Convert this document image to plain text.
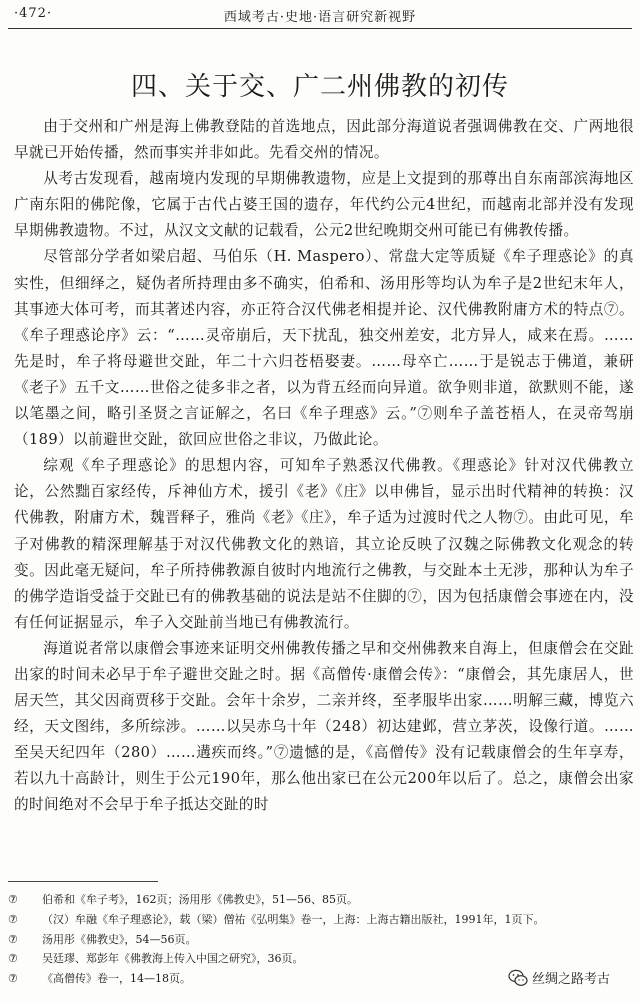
·472·	西域考古·史地·语言研究新视野
四、关于交、广二州佛教的初传

由于交州和广州是海上佛教登陆的首选地点，因此部分海道说者强调佛教在交、广两地很早就已开始传播，然而事实并非如此。先看交州的情况。

从考古发现看，越南境内发现的早期佛教遗物，应是上文提到的那尊出自东南部滨海地区广南东阳的佛陀像，它属于古代占婆王国的遗存，年代约公元4世纪，而越南北部并没有发现早期佛教遗物。不过，从汉文文献的记载看，公元2世纪晚期交州可能已有佛教传播。

尽管部分学者如梁启超、马伯乐（H. Maspero）、常盘大定等质疑《牟子理惑论》的真实性，但细绎之，疑伪者所持理由多不确实，伯希和、汤用彤等均认为牟子是2世纪末年人，其事迹大体可考，而其著述内容，亦正符合汉代佛老相提并论、汉代佛教附庸方术的特点⑦。《牟子理惑论序》云：“……灵帝崩后，天下扰乱，独交州差安，北方异人，咸来在焉。……先是时，牟子将母避世交趾，年二十六归苍梧娶妻。……母卒亡……于是锐志于佛道，兼研《老子》五千文……世俗之徒多非之者，以为背五经而向异道。欲争则非道，欲默则不能，遂以笔墨之间，略引圣贤之言证解之，名曰《牟子理惑》云。”⑦则牟子盖苍梧人，在灵帝驾崩（189）以前避世交趾，欲回应世俗之非议，乃做此论。

综观《牟子理惑论》的思想内容，可知牟子熟悉汉代佛教。《理惑论》针对汉代佛教立论，公然黜百家经传，斥神仙方术，援引《老》《庄》以申佛旨，显示出时代精神的转换：汉代佛教，附庸方术，魏晋释子，雅尚《老》《庄》，牟子适为过渡时代之人物⑦。由此可见，牟子对佛教的精深理解基于对汉代佛教文化的熟谙，其立论反映了汉魏之际佛教文化观念的转变。因此毫无疑问，牟子所持佛教源自彼时内地流行之佛教，与交趾本土无涉，那种认为牟子的佛学造诣受益于交趾已有的佛教基础的说法是站不住脚的⑦，因为包括康僧会事迹在内，没有任何证据显示，牟子入交趾前当地已有佛教流行。

海道说者常以康僧会事迹来证明交州佛教传播之早和交州佛教来自海上，但康僧会在交趾出家的时间未必早于牟子避世交趾之时。据《高僧传·康僧会传》：“康僧会，其先康居人，世居天竺，其父因商贾移于交趾。会年十余岁，二亲并终，至孝服毕出家……明解三藏，博览六经，天文图纬，多所综涉。……以吴赤乌十年（248）初达建邺，营立茅茨，设像行道。……至吴天纪四年（280）……遘疾而终。”⑦遗憾的是，《高僧传》没有记载康僧会的生年享寿，若以九十高龄计，则生于公元190年，那么他出家已在公元200年以后了。总之，康僧会出家的时间绝对不会早于牟子抵达交趾的时

⑦ 伯希和《牟子考》，162页；汤用彤《佛教史》，51—56、85页。
⑦ （汉）牟融《牟子理惑论》，载（梁）僧祐《弘明集》卷一，上海：上海古籍出版社，1991年，1页下。
⑦ 汤用彤《佛教史》，54—56页。
⑦ 吴廷璆、郑彭年《佛教海上传入中国之研究》，36页。
⑦ 《高僧传》卷一，14—18页。	丝绸之路考古
